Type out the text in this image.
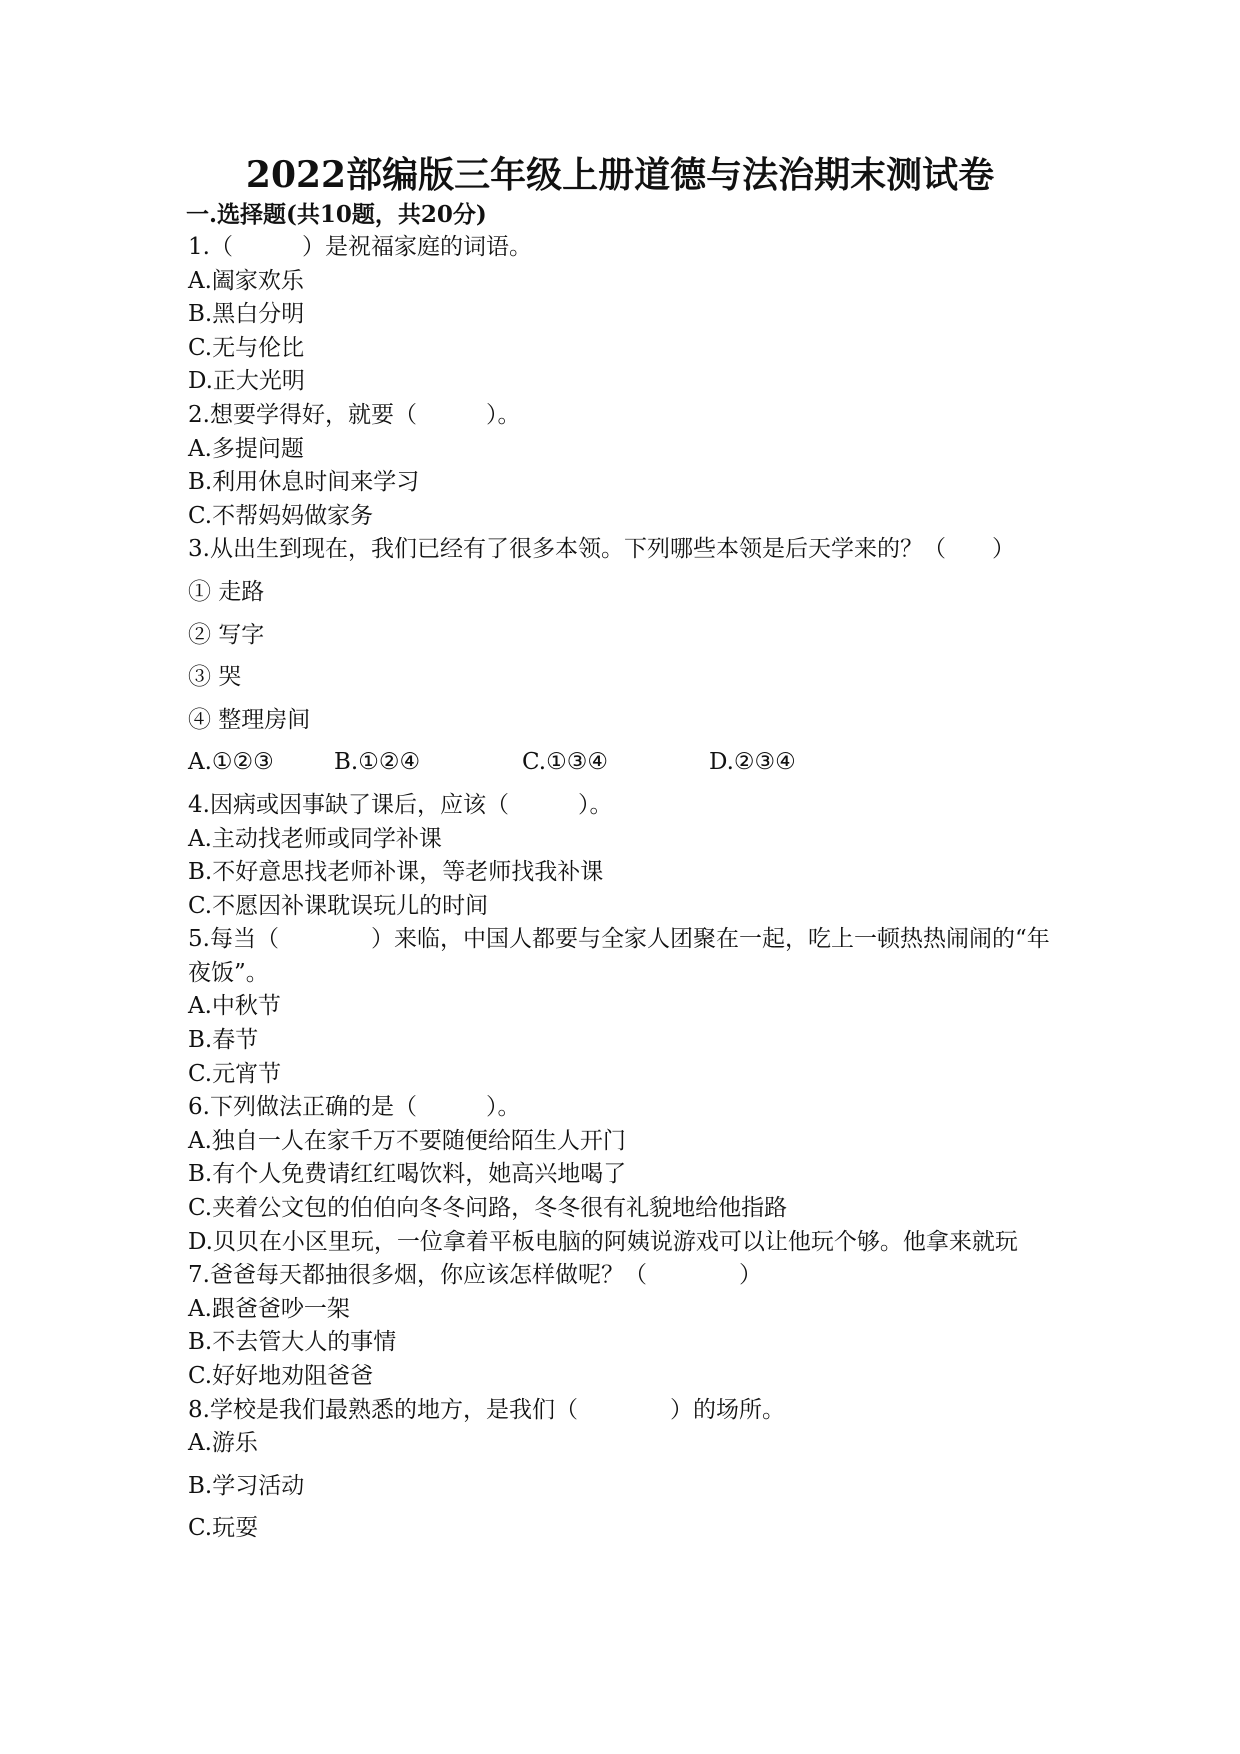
2022部编版三年级上册道德与法治期末测试卷
一.选择题(共10题，共20分)
1.（　　　）是祝福家庭的词语。
A.阖家欢乐
B.黑白分明
C.无与伦比
D.正大光明
2.想要学得好，就要（　　　）。
A.多提问题
B.利用休息时间来学习
C.不帮妈妈做家务
3.从出生到现在，我们已经有了很多本领。下列哪些本领是后天学来的？（　　）
① 走路
② 写字
③ 哭
④ 整理房间
A.①②③	B.①②④	C.①③④	D.②③④
4.因病或因事缺了课后，应该（　　　）。
A.主动找老师或同学补课
B.不好意思找老师补课，等老师找我补课
C.不愿因补课耽误玩儿的时间
5.每当（　　　　）来临，中国人都要与全家人团聚在一起，吃上一顿热热闹闹的“年夜饭”。
A.中秋节
B.春节
C.元宵节
6.下列做法正确的是（　　　）。
A.独自一人在家千万不要随便给陌生人开门
B.有个人免费请红红喝饮料，她高兴地喝了
C.夹着公文包的伯伯向冬冬问路，冬冬很有礼貌地给他指路
D.贝贝在小区里玩，一位拿着平板电脑的阿姨说游戏可以让他玩个够。他拿来就玩
7.爸爸每天都抽很多烟，你应该怎样做呢？（　　　　）
A.跟爸爸吵一架
B.不去管大人的事情
C.好好地劝阻爸爸
8.学校是我们最熟悉的地方，是我们（　　　　）的场所。
A.游乐
B.学习活动
C.玩耍
